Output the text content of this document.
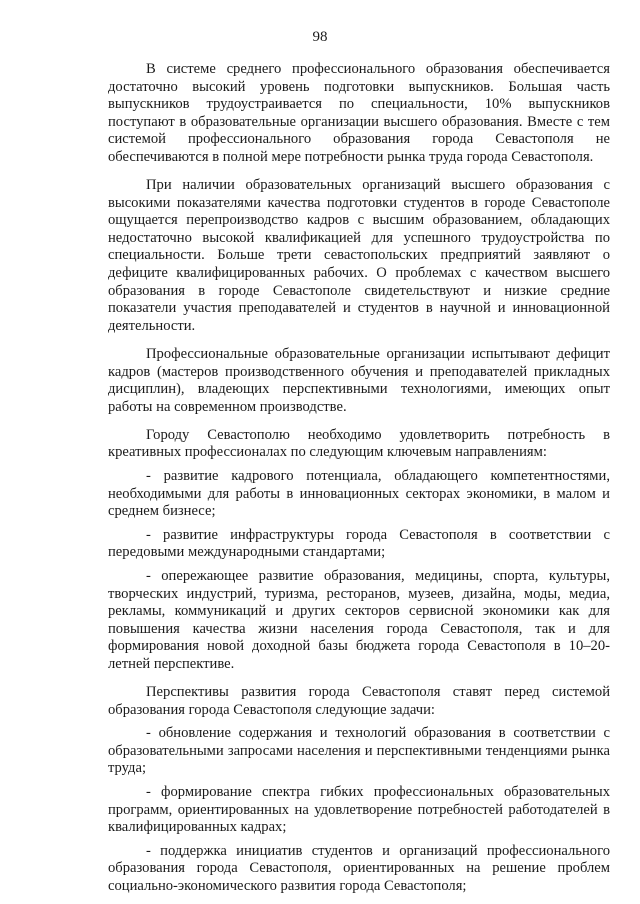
98

В системе среднего профессионального образования обеспечивается достаточно высокий уровень подготовки выпускников. Большая часть выпускников трудоустраивается по специальности, 10% выпускников поступают в образовательные организации высшего образования. Вместе с тем системой профессионального образования города Севастополя не обеспечиваются в полной мере потребности рынка труда города Севастополя.

При наличии образовательных организаций высшего образования с высокими показателями качества подготовки студентов в городе Севастополе ощущается перепроизводство кадров с высшим образованием, обладающих недостаточно высокой квалификацией для успешного трудоустройства по специальности. Больше трети севастопольских предприятий заявляют о дефиците квалифицированных рабочих. О проблемах с качеством высшего образования в городе Севастополе свидетельствуют и низкие средние показатели участия преподавателей и студентов в научной и инновационной деятельности.

Профессиональные образовательные организации испытывают дефицит кадров (мастеров производственного обучения и преподавателей прикладных дисциплин), владеющих перспективными технологиями, имеющих опыт работы на современном производстве.

Городу Севастополю необходимо удовлетворить потребность в креативных профессионалах по следующим ключевым направлениям:

- развитие кадрового потенциала, обладающего компетентностями, необходимыми для работы в инновационных секторах экономики, в малом и среднем бизнесе;

- развитие инфраструктуры города Севастополя в соответствии с передовыми международными стандартами;

- опережающее развитие образования, медицины, спорта, культуры, творческих индустрий, туризма, ресторанов, музеев, дизайна, моды, медиа, рекламы, коммуникаций и других секторов сервисной экономики как для повышения качества жизни населения города Севастополя, так и для формирования новой доходной базы бюджета города Севастополя в 10–20-летней перспективе.

Перспективы развития города Севастополя ставят перед системой образования города Севастополя следующие задачи:

- обновление содержания и технологий образования в соответствии с образовательными запросами населения и перспективными тенденциями рынка труда;

- формирование спектра гибких профессиональных образовательных программ, ориентированных на удовлетворение потребностей работодателей в квалифицированных кадрах;

- поддержка инициатив студентов и организаций профессионального образования города Севастополя, ориентированных на решение проблем социально-экономического развития города Севастополя;
